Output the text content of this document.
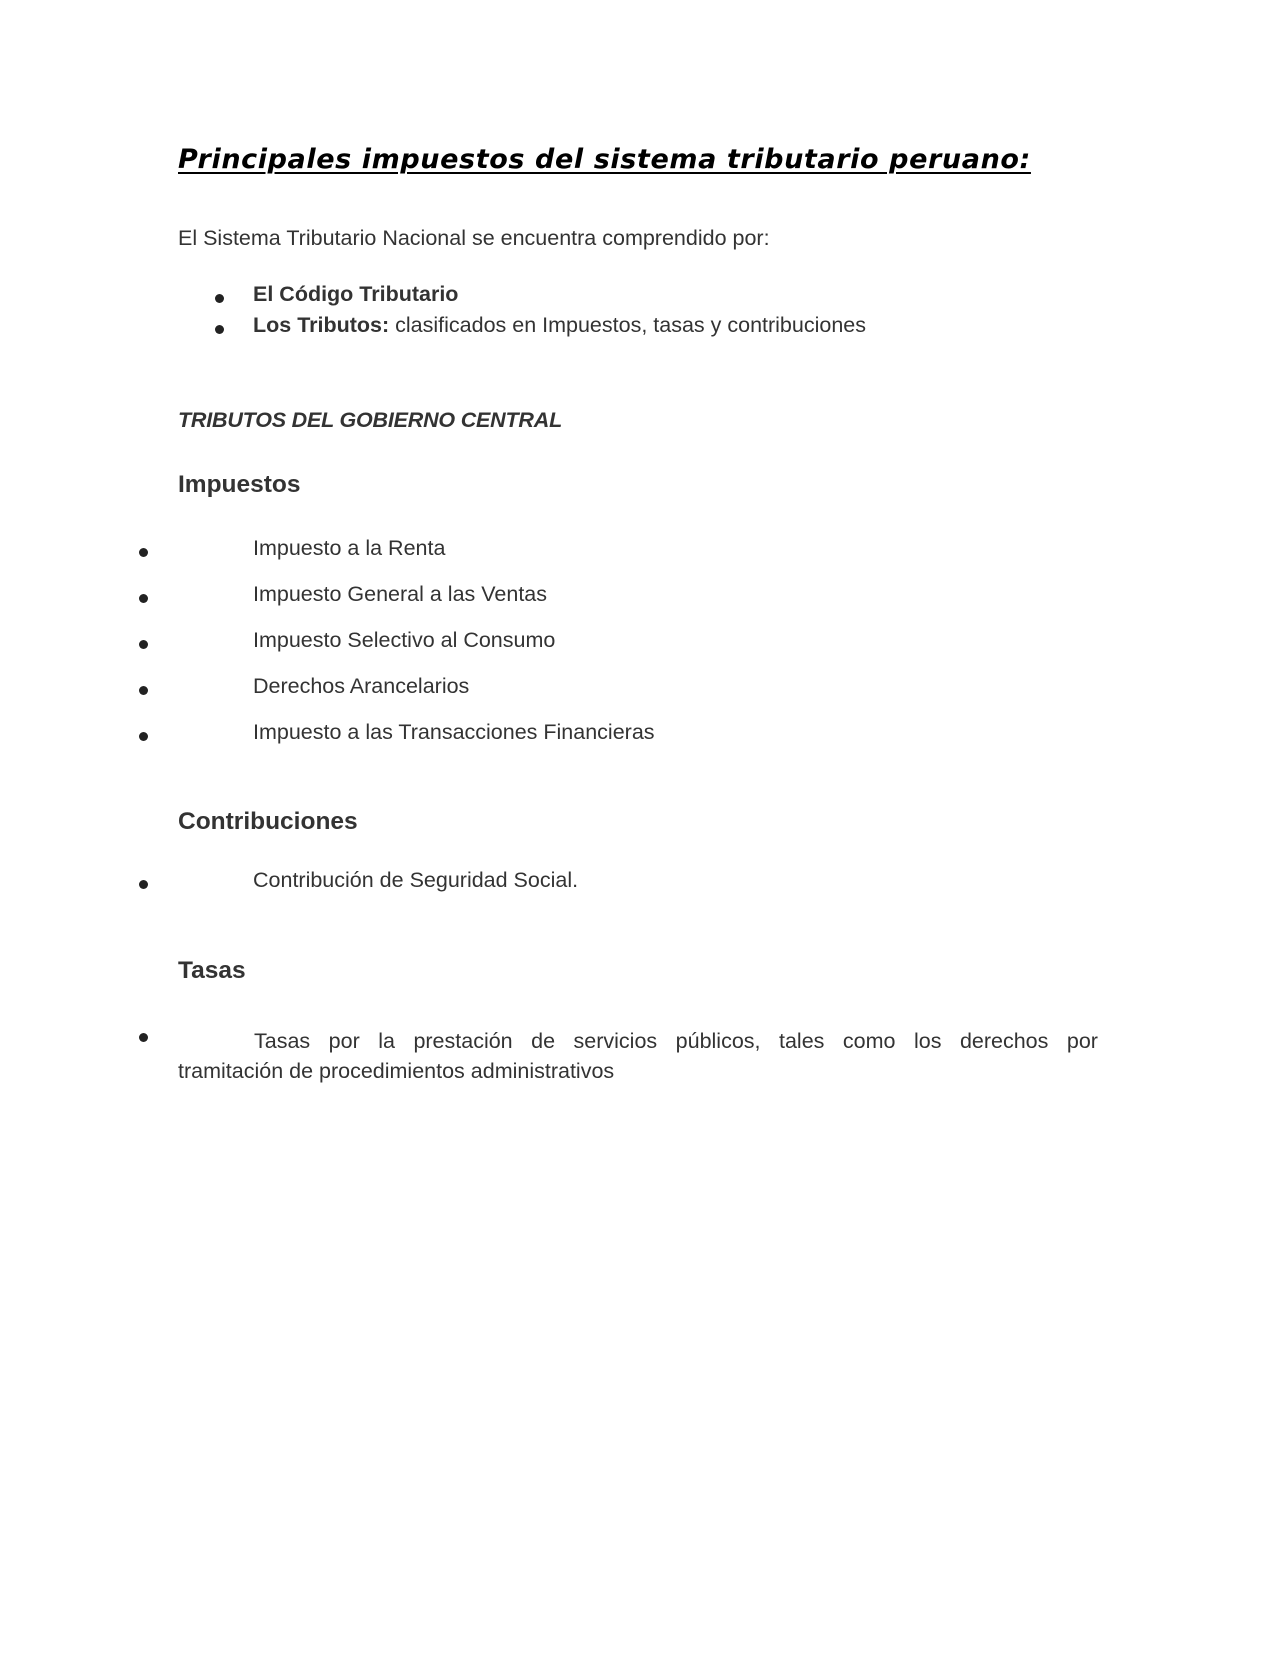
Principales impuestos del sistema tributario peruano:

El Sistema Tributario Nacional se encuentra comprendido por:

El Código Tributario
Los Tributos: clasificados en Impuestos, tasas y contribuciones

TRIBUTOS DEL GOBIERNO CENTRAL

Impuestos
Impuesto a la Renta
Impuesto General a las Ventas
Impuesto Selectivo al Consumo
Derechos Arancelarios
Impuesto a las Transacciones Financieras
Contribuciones
Contribución de Seguridad Social.
Tasas
Tasas por la prestación de servicios públicos, tales como los derechos por
tramitación de procedimientos administrativos
